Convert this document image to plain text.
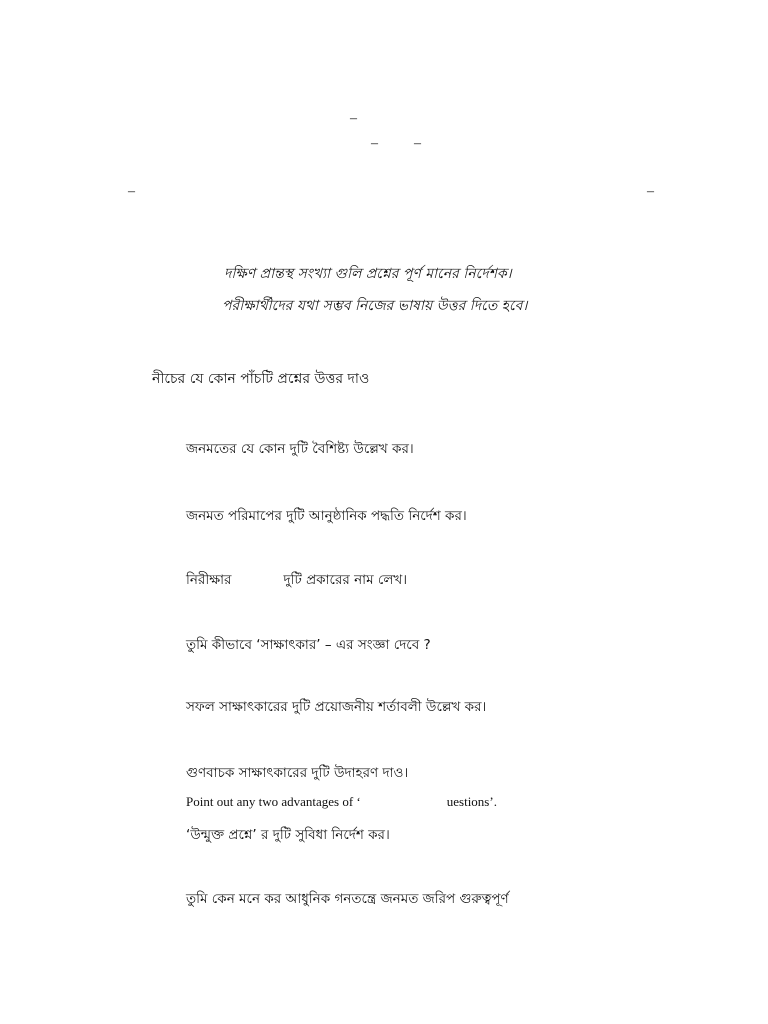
–
–	–
–	–
দক্ষিণ প্রান্তস্থ সংখ্যা গুলি প্রশ্নের পূর্ণ মানের নির্দেশক।
পরীক্ষার্থীদের যথা সম্ভব নিজের ভাষায় উত্তর দিতে হবে।
নীচের যে কোন পাঁচটি প্রশ্নের উত্তর দাও
জনমতের যে কোন দুটি বৈশিষ্ট্য উল্লেখ কর।
জনমত পরিমাপের দুটি আনুষ্ঠানিক পদ্ধতি নির্দেশ কর।
নিরীক্ষার	দুটি প্রকারের নাম লেখ।
তুমি কীভাবে ‘সাক্ষাৎকার’ – এর সংজ্ঞা দেবে ?
সফল সাক্ষাৎকারের দুটি প্রয়োজনীয় শর্তাবলী উল্লেখ কর।
গুণবাচক সাক্ষাৎকারের দুটি উদাহরণ দাও।
Point out any two advantages of ‘	uestions’.
‘উন্মুক্ত প্রশ্নে’ র দুটি সুবিধা নির্দেশ কর।
তুমি কেন মনে কর আধুনিক গনতন্ত্রে জনমত জরিপ গুরুত্বপূর্ণ
